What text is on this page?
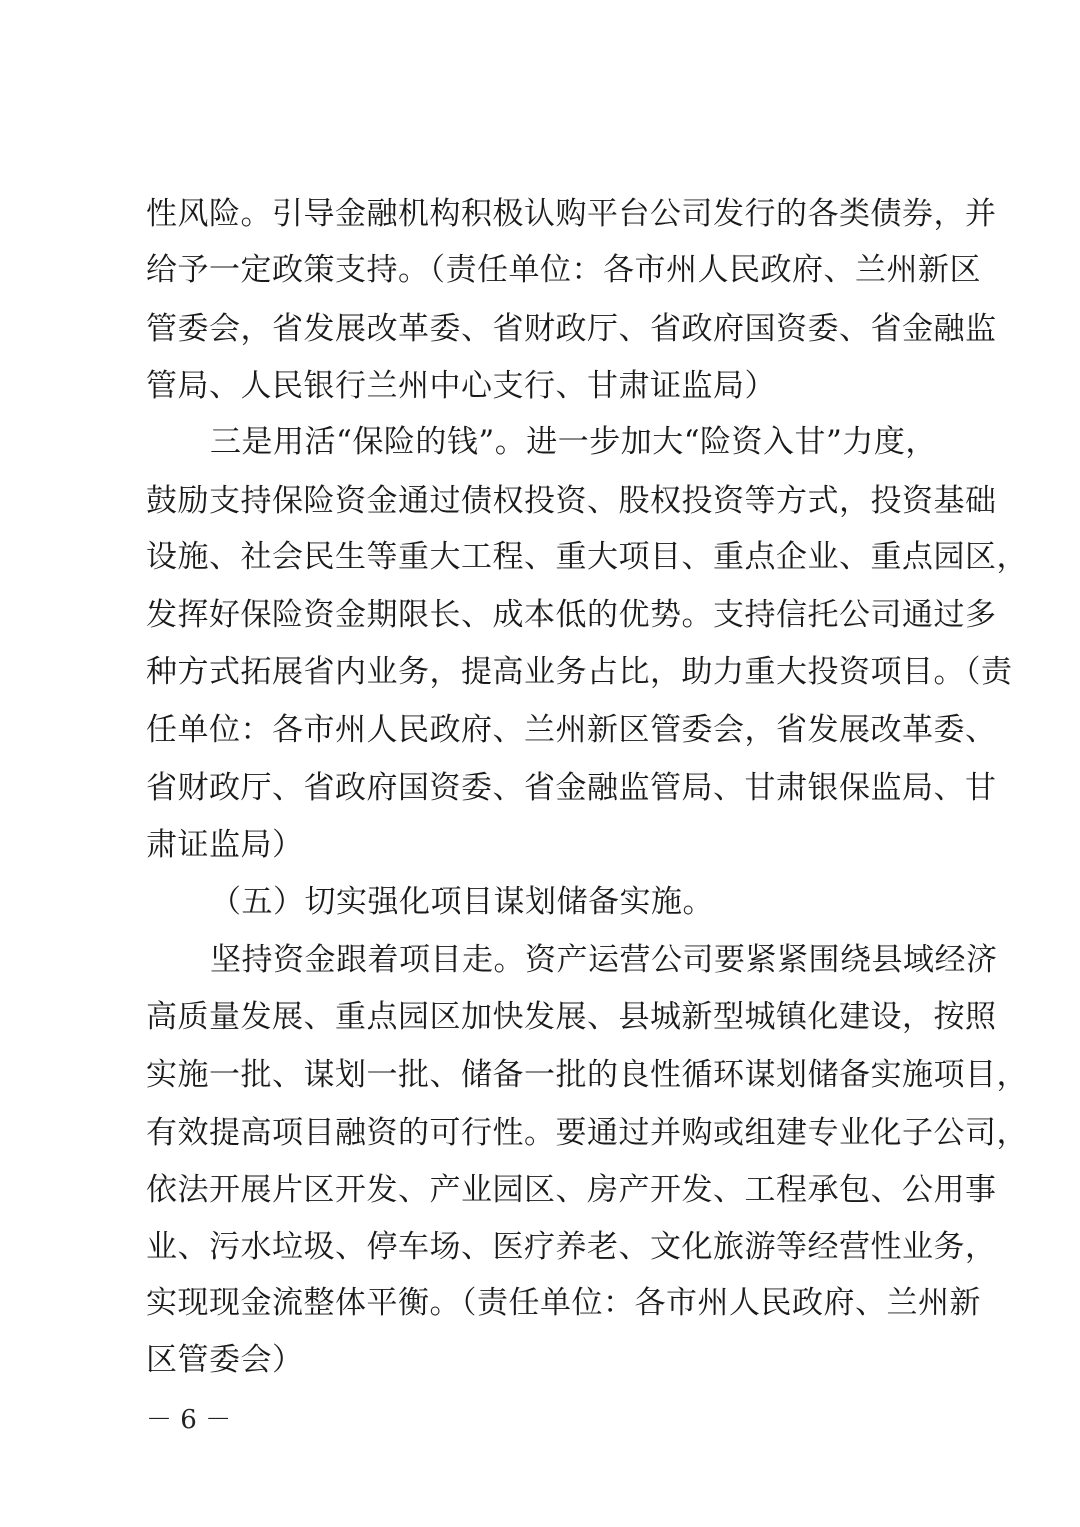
性风险。引导金融机构积极认购平台公司发行的各类债券，并
给予一定政策支持。（责任单位：各市州人民政府、兰州新区
管委会，省发展改革委、省财政厅、省政府国资委、省金融监
管局、人民银行兰州中心支行、甘肃证监局）
三是用活“保险的钱”。进一步加大“险资入甘”力度，
鼓励支持保险资金通过债权投资、股权投资等方式，投资基础
设施、社会民生等重大工程、重大项目、重点企业、重点园区，
发挥好保险资金期限长、成本低的优势。支持信托公司通过多
种方式拓展省内业务，提高业务占比，助力重大投资项目。（责
任单位：各市州人民政府、兰州新区管委会，省发展改革委、
省财政厅、省政府国资委、省金融监管局、甘肃银保监局、甘
肃证监局）
（五）切实强化项目谋划储备实施。
坚持资金跟着项目走。资产运营公司要紧紧围绕县域经济
高质量发展、重点园区加快发展、县城新型城镇化建设，按照
实施一批、谋划一批、储备一批的良性循环谋划储备实施项目，
有效提高项目融资的可行性。要通过并购或组建专业化子公司，
依法开展片区开发、产业园区、房产开发、工程承包、公用事
业、污水垃圾、停车场、医疗养老、文化旅游等经营性业务，
实现现金流整体平衡。（责任单位：各市州人民政府、兰州新
区管委会）
－ 6 －
